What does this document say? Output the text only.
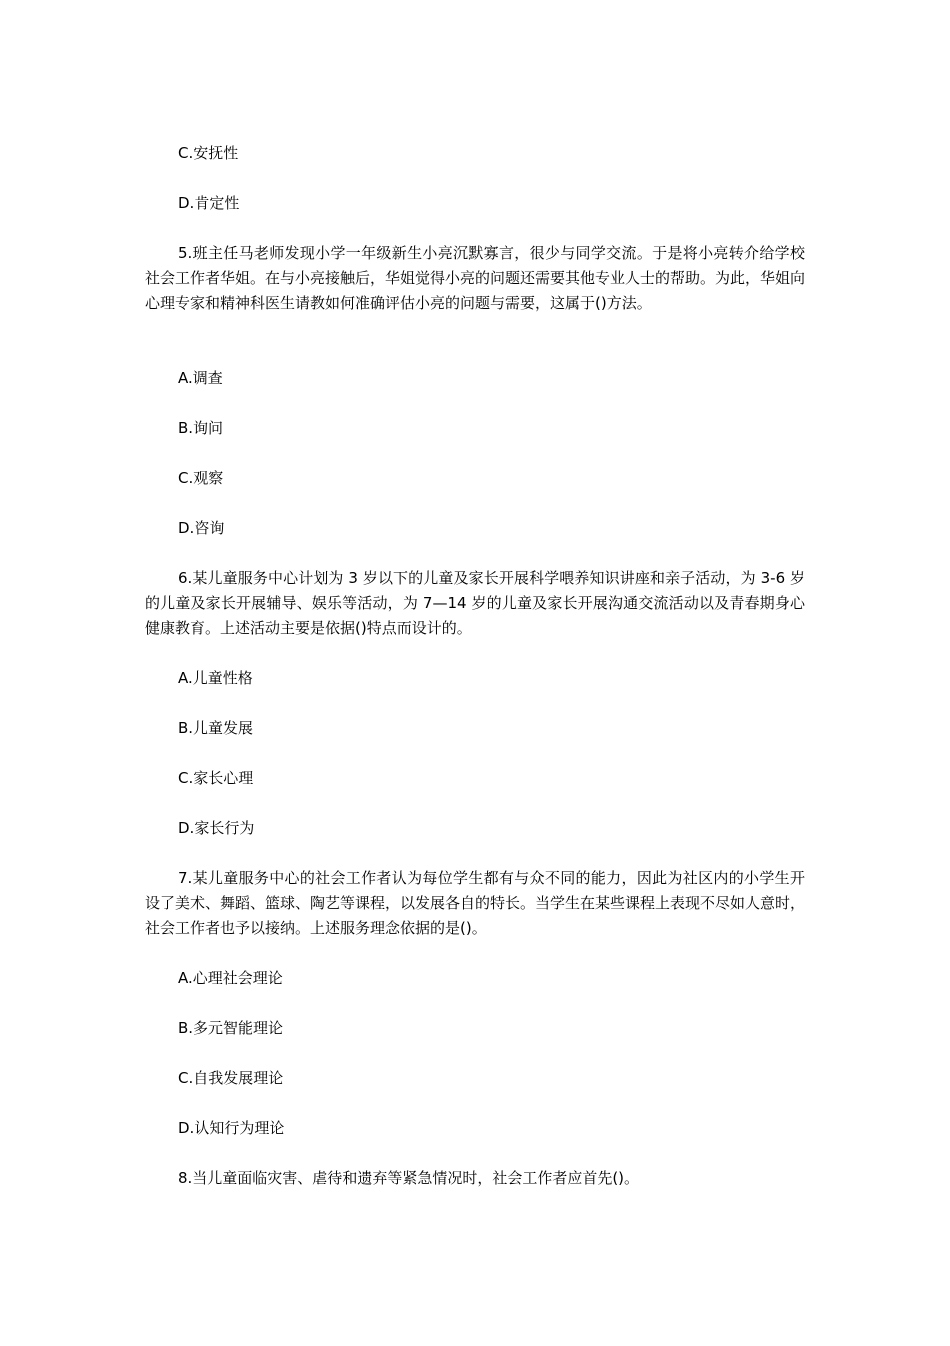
C.安抚性
D.肯定性
5.班主任马老师发现小学一年级新生小亮沉默寡言，很少与同学交流。于是将小亮转介给学校社会工作者华姐。在与小亮接触后，华姐觉得小亮的问题还需要其他专业人士的帮助。为此，华姐向心理专家和精神科医生请教如何准确评估小亮的问题与需要，这属于()方法。
A.调查
B.询问
C.观察
D.咨询
6.某儿童服务中心计划为 3 岁以下的儿童及家长开展科学喂养知识讲座和亲子活动，为 3-6 岁的儿童及家长开展辅导、娱乐等活动，为 7—14 岁的儿童及家长开展沟通交流活动以及青春期身心健康教育。上述活动主要是依据()特点而设计的。
A.儿童性格
B.儿童发展
C.家长心理
D.家长行为
7.某儿童服务中心的社会工作者认为每位学生都有与众不同的能力，因此为社区内的小学生开设了美术、舞蹈、篮球、陶艺等课程，以发展各自的特长。当学生在某些课程上表现不尽如人意时，社会工作者也予以接纳。上述服务理念依据的是()。
A.心理社会理论
B.多元智能理论
C.自我发展理论
D.认知行为理论
8.当儿童面临灾害、虐待和遗弃等紧急情况时，社会工作者应首先()。
